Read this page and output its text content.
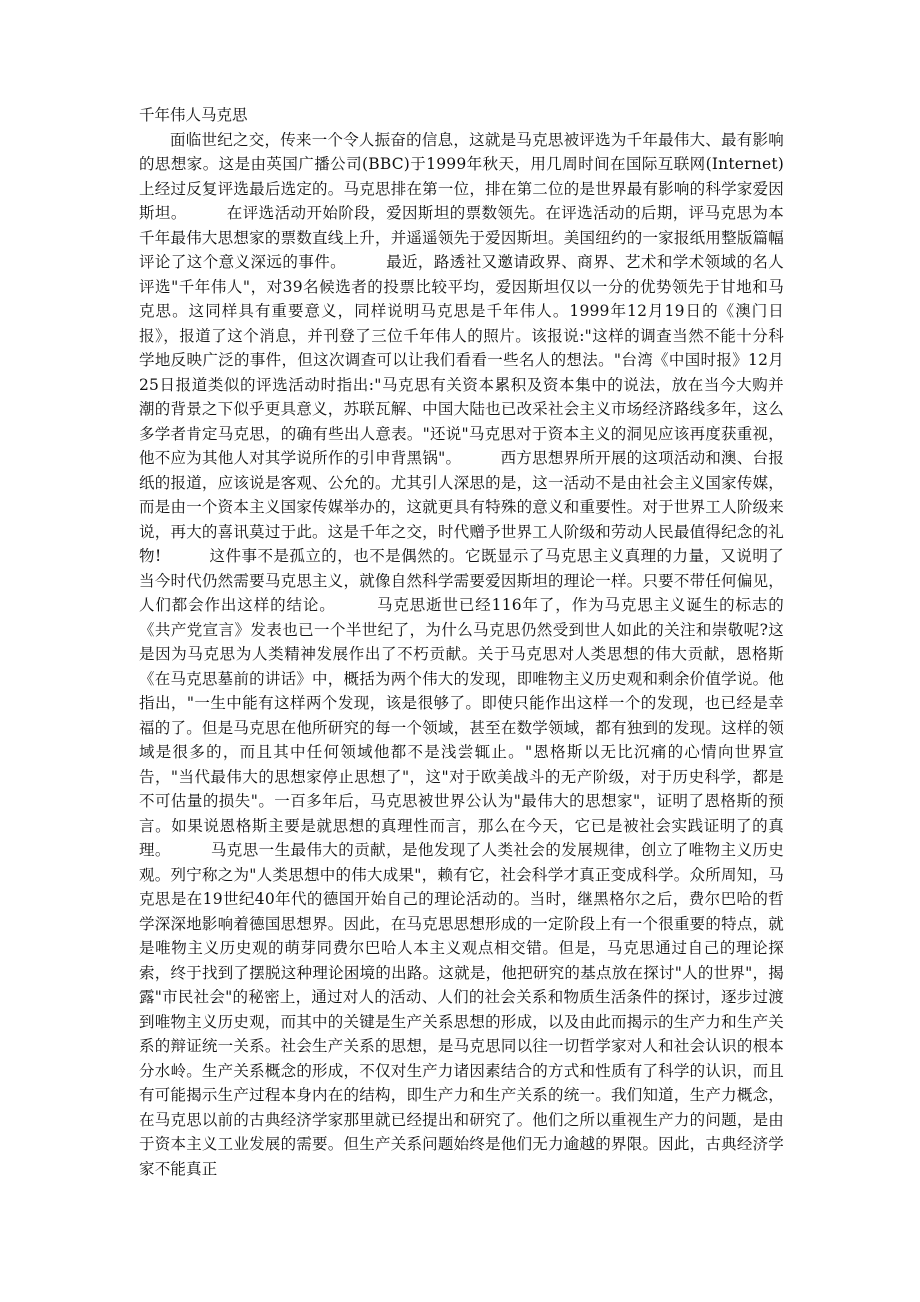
千年伟人马克思

面临世纪之交，传来一个令人振奋的信息，这就是马克思被评选为千年最伟大、最有影响的思想家。这是由英国广播公司(BBC)于1999年秋天，用几周时间在国际互联网(Internet)上经过反复评选最后选定的。马克思排在第一位，排在第二位的是世界最有影响的科学家爱因斯坦。　　　在评选活动开始阶段，爱因斯坦的票数领先。在评选活动的后期，评马克思为本千年最伟大思想家的票数直线上升，并遥遥领先于爱因斯坦。美国纽约的一家报纸用整版篇幅评论了这个意义深远的事件。　　　最近，路透社又邀请政界、商界、艺术和学术领域的名人评选"千年伟人"，对39名候选者的投票比较平均，爱因斯坦仅以一分的优势领先于甘地和马克思。这同样具有重要意义，同样说明马克思是千年伟人。1999年12月19日的《澳门日报》，报道了这个消息，并刊登了三位千年伟人的照片。该报说:"这样的调查当然不能十分科学地反映广泛的事件，但这次调查可以让我们看看一些名人的想法。"台湾《中国时报》12月25日报道类似的评选活动时指出:"马克思有关资本累积及资本集中的说法，放在当今大购并潮的背景之下似乎更具意义，苏联瓦解、中国大陆也已改采社会主义市场经济路线多年，这么多学者肯定马克思，的确有些出人意表。"还说"马克思对于资本主义的洞见应该再度获重视，他不应为其他人对其学说所作的引申背黑锅"。　　　西方思想界所开展的这项活动和澳、台报纸的报道，应该说是客观、公允的。尤其引人深思的是，这一活动不是由社会主义国家传媒，而是由一个资本主义国家传媒举办的，这就更具有特殊的意义和重要性。对于世界工人阶级来说，再大的喜讯莫过于此。这是千年之交，时代赠予世界工人阶级和劳动人民最值得纪念的礼物!　　　这件事不是孤立的，也不是偶然的。它既显示了马克思主义真理的力量，又说明了当今时代仍然需要马克思主义，就像自然科学需要爱因斯坦的理论一样。只要不带任何偏见，人们都会作出这样的结论。　　　马克思逝世已经116年了，作为马克思主义诞生的标志的《共产党宣言》发表也已一个半世纪了，为什么马克思仍然受到世人如此的关注和崇敬呢?这是因为马克思为人类精神发展作出了不朽贡献。关于马克思对人类思想的伟大贡献，恩格斯《在马克思墓前的讲话》中，概括为两个伟大的发现，即唯物主义历史观和剩余价值学说。他指出，"一生中能有这样两个发现，该是很够了。即使只能作出这样一个的发现，也已经是幸福的了。但是马克思在他所研究的每一个领域，甚至在数学领域，都有独到的发现。这样的领域是很多的，而且其中任何领域他都不是浅尝辄止。"恩格斯以无比沉痛的心情向世界宣告，"当代最伟大的思想家停止思想了"，这"对于欧美战斗的无产阶级，对于历史科学，都是不可估量的损失"。一百多年后，马克思被世界公认为"最伟大的思想家"，证明了恩格斯的预言。如果说恩格斯主要是就思想的真理性而言，那么在今天，它已是被社会实践证明了的真理。　　　马克思一生最伟大的贡献，是他发现了人类社会的发展规律，创立了唯物主义历史观。列宁称之为"人类思想中的伟大成果"，赖有它，社会科学才真正变成科学。众所周知，马克思是在19世纪40年代的德国开始自己的理论活动的。当时，继黑格尔之后，费尔巴哈的哲学深深地影响着德国思想界。因此，在马克思思想形成的一定阶段上有一个很重要的特点，就是唯物主义历史观的萌芽同费尔巴哈人本主义观点相交错。但是，马克思通过自己的理论探索，终于找到了摆脱这种理论困境的出路。这就是，他把研究的基点放在探讨"人的世界"，揭露"市民社会"的秘密上，通过对人的活动、人们的社会关系和物质生活条件的探讨，逐步过渡到唯物主义历史观，而其中的关键是生产关系思想的形成，以及由此而揭示的生产力和生产关系的辩证统一关系。社会生产关系的思想，是马克思同以往一切哲学家对人和社会认识的根本分水岭。生产关系概念的形成，不仅对生产力诸因素结合的方式和性质有了科学的认识，而且有可能揭示生产过程本身内在的结构，即生产力和生产关系的统一。我们知道，生产力概念，在马克思以前的古典经济学家那里就已经提出和研究了。他们之所以重视生产力的问题，是由于资本主义工业发展的需要。但生产关系问题始终是他们无力逾越的界限。因此，古典经济学家不能真正
